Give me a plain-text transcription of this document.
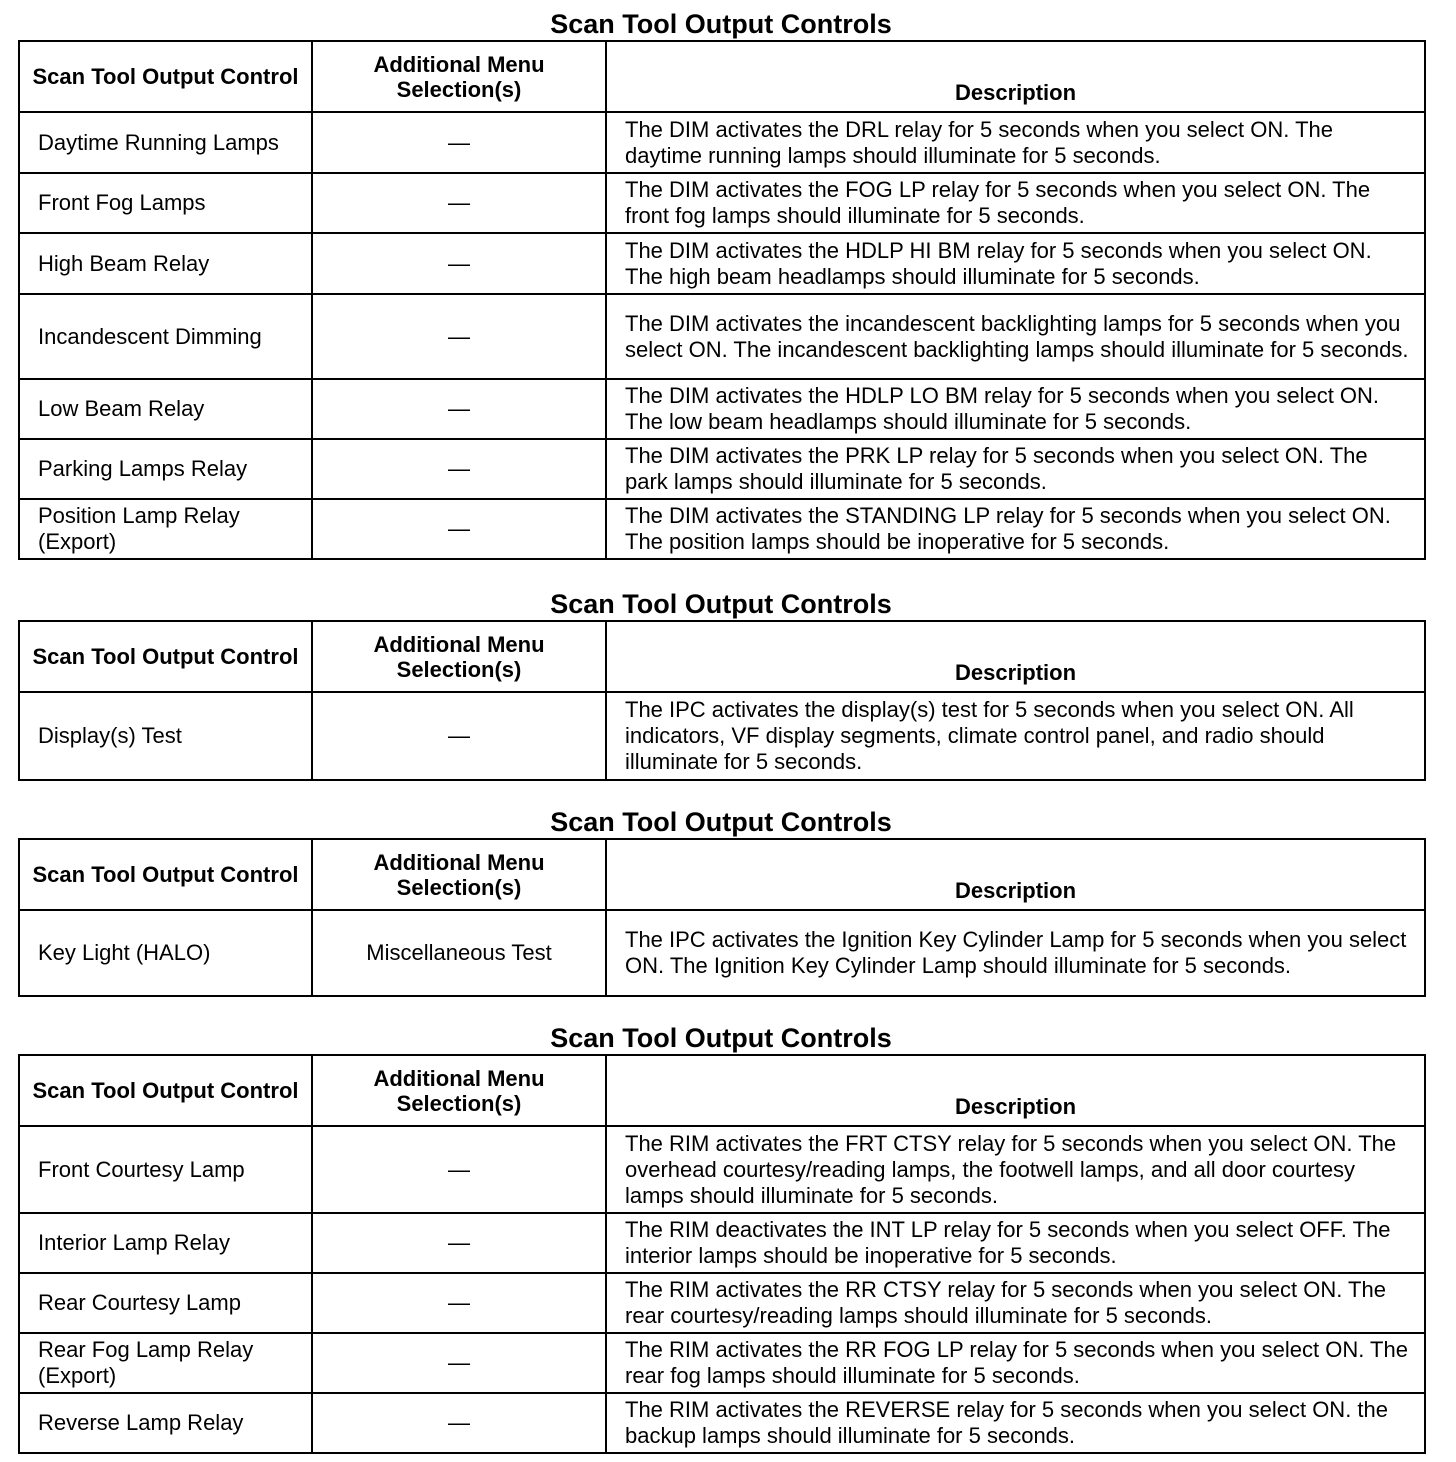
Scan Tool Output Controls
Scan Tool Output Control	Additional Menu Selection(s)	Description
Daytime Running Lamps	—	The DIM activates the DRL relay for 5 seconds when you select ON. The daytime running lamps should illuminate for 5 seconds.
Front Fog Lamps	—	The DIM activates the FOG LP relay for 5 seconds when you select ON. The front fog lamps should illuminate for 5 seconds.
High Beam Relay	—	The DIM activates the HDLP HI BM relay for 5 seconds when you select ON. The high beam headlamps should illuminate for 5 seconds.
Incandescent Dimming	—	The DIM activates the incandescent backlighting lamps for 5 seconds when you select ON. The incandescent backlighting lamps should illuminate for 5 seconds.
Low Beam Relay	—	The DIM activates the HDLP LO BM relay for 5 seconds when you select ON. The low beam headlamps should illuminate for 5 seconds.
Parking Lamps Relay	—	The DIM activates the PRK LP relay for 5 seconds when you select ON. The park lamps should illuminate for 5 seconds.
Position Lamp Relay (Export)	—	The DIM activates the STANDING LP relay for 5 seconds when you select ON. The position lamps should be inoperative for 5 seconds.
Scan Tool Output Controls
Scan Tool Output Control	Additional Menu Selection(s)	Description
Display(s) Test	—	The IPC activates the display(s) test for 5 seconds when you select ON. All indicators, VF display segments, climate control panel, and radio should illuminate for 5 seconds.
Scan Tool Output Controls
Scan Tool Output Control	Additional Menu Selection(s)	Description
Key Light (HALO)	Miscellaneous Test	The IPC activates the Ignition Key Cylinder Lamp for 5 seconds when you select ON. The Ignition Key Cylinder Lamp should illuminate for 5 seconds.
Scan Tool Output Controls
Scan Tool Output Control	Additional Menu Selection(s)	Description
Front Courtesy Lamp	—	The RIM activates the FRT CTSY relay for 5 seconds when you select ON. The overhead courtesy/reading lamps, the footwell lamps, and all door courtesy lamps should illuminate for 5 seconds.
Interior Lamp Relay	—	The RIM deactivates the INT LP relay for 5 seconds when you select OFF. The interior lamps should be inoperative for 5 seconds.
Rear Courtesy Lamp	—	The RIM activates the RR CTSY relay for 5 seconds when you select ON. The rear courtesy/reading lamps should illuminate for 5 seconds.
Rear Fog Lamp Relay (Export)	—	The RIM activates the RR FOG LP relay for 5 seconds when you select ON. The rear fog lamps should illuminate for 5 seconds.
Reverse Lamp Relay	—	The RIM activates the REVERSE relay for 5 seconds when you select ON. the backup lamps should illuminate for 5 seconds.
